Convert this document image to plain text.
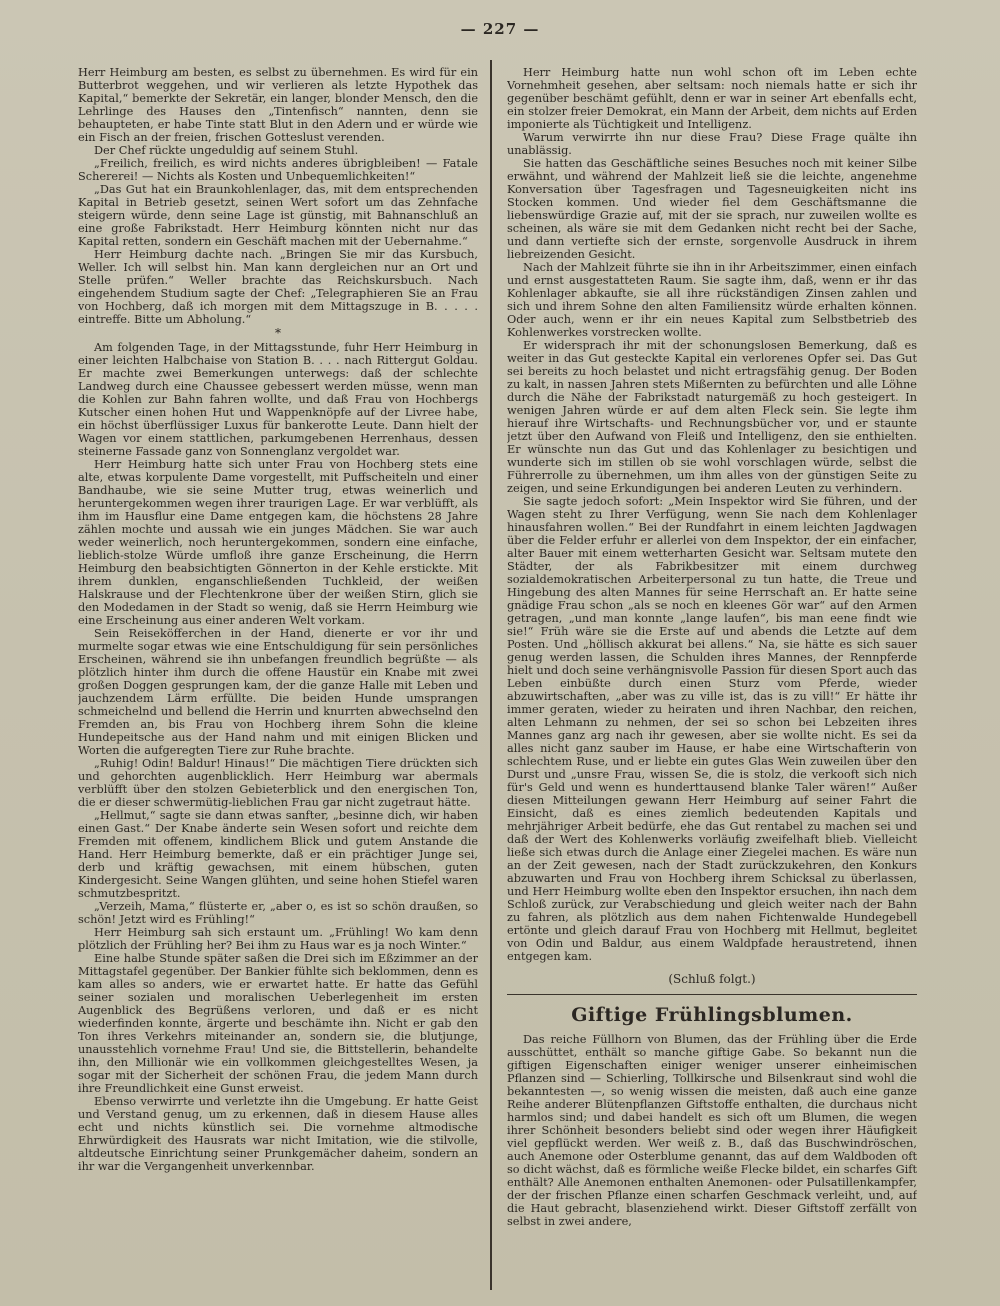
— 227 —

Herr Heimburg am besten, es selbst zu übernehmen. Es wird für ein Butterbrot weggehen, und wir verlieren als letzte Hypothek das Kapital,“ bemerkte der Sekretär, ein langer, blonder Mensch, den die Lehrlinge des Hauses den „Tintenfisch“ nannten, denn sie behaupteten, er habe Tinte statt Blut in den Adern und er würde wie ein Fisch an der freien, frischen Gotteslust verenden.

Der Chef rückte ungeduldig auf seinem Stuhl.

„Freilich, freilich, es wird nichts anderes übrigbleiben! — Fatale Schererei! — Nichts als Kosten und Unbequemlichkeiten!“

„Das Gut hat ein Braunkohlenlager, das, mit dem entsprechenden Kapital in Betrieb gesetzt, seinen Wert sofort um das Zehnfache steigern würde, denn seine Lage ist günstig, mit Bahnanschluß an eine große Fabrikstadt. Herr Heimburg könnten nicht nur das Kapital retten, sondern ein Geschäft machen mit der Uebernahme.“

Herr Heimburg dachte nach. „Bringen Sie mir das Kursbuch, Weller. Ich will selbst hin. Man kann dergleichen nur an Ort und Stelle prüfen.“ Weller brachte das Reichskursbuch. Nach eingehendem Studium sagte der Chef: „Telegraphieren Sie an Frau von Hochberg, daß ich morgen mit dem Mittagszuge in B. . . . . eintreffe. Bitte um Abholung.“

*

Am folgenden Tage, in der Mittagsstunde, fuhr Herr Heimburg in einer leichten Halbchaise von Station B. . . . nach Rittergut Goldau. Er machte zwei Bemerkungen unterwegs: daß der schlechte Landweg durch eine Chaussee gebessert werden müsse, wenn man die Kohlen zur Bahn fahren wollte, und daß Frau von Hochbergs Kutscher einen hohen Hut und Wappenknöpfe auf der Livree habe, ein höchst überflüssiger Luxus für bankerotte Leute. Dann hielt der Wagen vor einem stattlichen, parkumgebenen Herrenhaus, dessen steinerne Fassade ganz von Sonnenglanz vergoldet war.

Herr Heimburg hatte sich unter Frau von Hochberg stets eine alte, etwas korpulente Dame vorgestellt, mit Puffscheiteln und einer Bandhaube, wie sie seine Mutter trug, etwas weinerlich und heruntergekommen wegen ihrer traurigen Lage. Er war verblüfft, als ihm im Hausflur eine Dame entgegen kam, die höchstens 28 Jahre zählen mochte und aussah wie ein junges Mädchen. Sie war auch weder weinerlich, noch heruntergekommen, sondern eine einfache, lieblich-stolze Würde umfloß ihre ganze Erscheinung, die Herrn Heimburg den beabsichtigten Gönnerton in der Kehle erstickte. Mit ihrem dunklen, enganschließenden Tuchkleid, der weißen Halskrause und der Flechtenkrone über der weißen Stirn, glich sie den Modedamen in der Stadt so wenig, daß sie Herrn Heimburg wie eine Erscheinung aus einer anderen Welt vorkam.

Sein Reiseköfferchen in der Hand, dienerte er vor ihr und murmelte sogar etwas wie eine Entschuldigung für sein persönliches Erscheinen, während sie ihn unbefangen freundlich begrüßte — als plötzlich hinter ihm durch die offene Haustür ein Knabe mit zwei großen Doggen gesprungen kam, der die ganze Halle mit Leben und jauchzendem Lärm erfüllte. Die beiden Hunde umsprangen schmeichelnd und bellend die Herrin und knurrten abwechselnd den Fremden an, bis Frau von Hochberg ihrem Sohn die kleine Hundepeitsche aus der Hand nahm und mit einigen Blicken und Worten die aufgeregten Tiere zur Ruhe brachte.

„Ruhig! Odin! Baldur! Hinaus!“ Die mächtigen Tiere drückten sich und gehorchten augenblicklich. Herr Heimburg war abermals verblüfft über den stolzen Gebieterblick und den energischen Ton, die er dieser schwermütig-lieblichen Frau gar nicht zugetraut hätte.

„Hellmut,“ sagte sie dann etwas sanfter, „besinne dich, wir haben einen Gast.“ Der Knabe änderte sein Wesen sofort und reichte dem Fremden mit offenem, kindlichem Blick und gutem Anstande die Hand. Herr Heimburg bemerkte, daß er ein prächtiger Junge sei, derb und kräftig gewachsen, mit einem hübschen, guten Kindergesicht. Seine Wangen glühten, und seine hohen Stiefel waren schmutzbespritzt.

„Verzeih, Mama,“ flüsterte er, „aber o, es ist so schön draußen, so schön! Jetzt wird es Frühling!“

Herr Heimburg sah sich erstaunt um. „Frühling! Wo kam denn plötzlich der Frühling her? Bei ihm zu Haus war es ja noch Winter.“

Eine halbe Stunde später saßen die Drei sich im Eßzimmer an der Mittagstafel gegenüber. Der Bankier fühlte sich beklommen, denn es kam alles so anders, wie er erwartet hatte. Er hatte das Gefühl seiner sozialen und moralischen Ueberlegenheit im ersten Augenblick des Begrüßens verloren, und daß er es nicht wiederfinden konnte, ärgerte und beschämte ihn. Nicht er gab den Ton ihres Verkehrs miteinander an, sondern sie, die blutjunge, unausstehlich vornehme Frau! Und sie, die Bittstellerin, behandelte ihn, den Millionär wie ein vollkommen gleichgestelltes Wesen, ja sogar mit der Sicherheit der schönen Frau, die jedem Mann durch ihre Freundlichkeit eine Gunst erweist.

Ebenso verwirrte und verletzte ihn die Umgebung. Er hatte Geist und Verstand genug, um zu erkennen, daß in diesem Hause alles echt und nichts künstlich sei. Die vornehme altmodische Ehrwürdigkeit des Hausrats war nicht Imitation, wie die stilvolle, altdeutsche Einrichtung seiner Prunkgemächer daheim, sondern an ihr war die Vergangenheit unverkennbar.

Herr Heimburg hatte nun wohl schon oft im Leben echte Vornehmheit gesehen, aber seltsam: noch niemals hatte er sich ihr gegenüber beschämt gefühlt, denn er war in seiner Art ebenfalls echt, ein stolzer freier Demokrat, ein Mann der Arbeit, dem nichts auf Erden imponierte als Tüchtigkeit und Intelligenz.

Warum verwirrte ihn nur diese Frau? Diese Frage quälte ihn unablässig.

Sie hatten das Geschäftliche seines Besuches noch mit keiner Silbe erwähnt, und während der Mahlzeit ließ sie die leichte, angenehme Konversation über Tagesfragen und Tagesneuigkeiten nicht ins Stocken kommen. Und wieder fiel dem Geschäftsmanne die liebenswürdige Grazie auf, mit der sie sprach, nur zuweilen wollte es scheinen, als wäre sie mit dem Gedanken nicht recht bei der Sache, und dann vertiefte sich der ernste, sorgenvolle Ausdruck in ihrem liebreizenden Gesicht.

Nach der Mahlzeit führte sie ihn in ihr Arbeitszimmer, einen einfach und ernst ausgestatteten Raum. Sie sagte ihm, daß, wenn er ihr das Kohlenlager abkaufte, sie all ihre rückständigen Zinsen zahlen und sich und ihrem Sohne den alten Familiensitz würde erhalten können. Oder auch, wenn er ihr ein neues Kapital zum Selbstbetrieb des Kohlenwerkes vorstrecken wollte.

Er widersprach ihr mit der schonungslosen Bemerkung, daß es weiter in das Gut gesteckte Kapital ein verlorenes Opfer sei. Das Gut sei bereits zu hoch belastet und nicht ertragsfähig genug. Der Boden zu kalt, in nassen Jahren stets Mißernten zu befürchten und alle Löhne durch die Nähe der Fabrikstadt naturgemäß zu hoch gesteigert. In wenigen Jahren würde er auf dem alten Fleck sein. Sie legte ihm hierauf ihre Wirtschafts- und Rechnungsbücher vor, und er staunte jetzt über den Aufwand von Fleiß und Intelligenz, den sie enthielten. Er wünschte nun das Gut und das Kohlenlager zu besichtigen und wunderte sich im stillen ob sie wohl vorschlagen würde, selbst die Führerrolle zu übernehmen, um ihm alles von der günstigen Seite zu zeigen, und seine Erkundigungen bei anderen Leuten zu verhindern.

Sie sagte jedoch sofort: „Mein Inspektor wird Sie führen, und der Wagen steht zu Ihrer Verfügung, wenn Sie nach dem Kohlenlager hinausfahren wollen.“ Bei der Rundfahrt in einem leichten Jagdwagen über die Felder erfuhr er allerlei von dem Inspektor, der ein einfacher, alter Bauer mit einem wetterharten Gesicht war. Seltsam mutete den Städter, der als Fabrikbesitzer mit einem durchweg sozialdemokratischen Arbeiterpersonal zu tun hatte, die Treue und Hingebung des alten Mannes für seine Herrschaft an. Er hatte seine gnädige Frau schon „als se noch en kleenes Gör war“ auf den Armen getragen, „und man konnte „lange laufen“, bis man eene findt wie sie!“ Früh wäre sie die Erste auf und abends die Letzte auf dem Posten. Und „höllisch akkurat bei allens.“ Na, sie hätte es sich sauer genug werden lassen, die Schulden ihres Mannes, der Rennpferde hielt und doch seine verhängnisvolle Passion für diesen Sport auch das Leben einbüßte durch einen Sturz vom Pferde, wieder abzuwirtschaften, „aber was zu ville ist, das is zu vill!“ Er hätte ihr immer geraten, wieder zu heiraten und ihren Nachbar, den reichen, alten Lehmann zu nehmen, der sei so schon bei Lebzeiten ihres Mannes ganz arg nach ihr gewesen, aber sie wollte nicht. Es sei da alles nicht ganz sauber im Hause, er habe eine Wirtschafterin von schlechtem Ruse, und er liebte ein gutes Glas Wein zuweilen über den Durst und „unsre Frau, wissen Se, die is stolz, die verkooft sich nich für's Geld und wenn es hunderttausend blanke Taler wären!“ Außer diesen Mitteilungen gewann Herr Heimburg auf seiner Fahrt die Einsicht, daß es eines ziemlich bedeutenden Kapitals und mehrjähriger Arbeit bedürfe, ehe das Gut rentabel zu machen sei und daß der Wert des Kohlenwerks vorläufig zweifelhaft blieb. Vielleicht ließe sich etwas durch die Anlage einer Ziegelei machen. Es wäre nun an der Zeit gewesen, nach der Stadt zurückzukehren, den Konkurs abzuwarten und Frau von Hochberg ihrem Schicksal zu überlassen, und Herr Heimburg wollte eben den Inspektor ersuchen, ihn nach dem Schloß zurück, zur Verabschiedung und gleich weiter nach der Bahn zu fahren, als plötzlich aus dem nahen Fichtenwalde Hundegebell ertönte und gleich darauf Frau von Hochberg mit Hellmut, begleitet von Odin und Baldur, aus einem Waldpfade heraustretend, ihnen entgegen kam.

(Schluß folgt.)
Giftige Frühlingsblumen.

Das reiche Füllhorn von Blumen, das der Frühling über die Erde ausschüttet, enthält so manche giftige Gabe. So bekannt nun die giftigen Eigenschaften einiger weniger unserer einheimischen Pflanzen sind — Schierling, Tollkirsche und Bilsenkraut sind wohl die bekanntesten —, so wenig wissen die meisten, daß auch eine ganze Reihe anderer Blütenpflanzen Giftstoffe enthalten, die durchaus nicht harmlos sind; und dabei handelt es sich oft um Blumen, die wegen ihrer Schönheit besonders beliebt sind oder wegen ihrer Häufigkeit viel gepflückt werden. Wer weiß z. B., daß das Buschwindröschen, auch Anemone oder Osterblume genannt, das auf dem Waldboden oft so dicht wächst, daß es förmliche weiße Flecke bildet, ein scharfes Gift enthält? Alle Anemonen enthalten Anemonen- oder Pulsatillenkampfer, der der frischen Pflanze einen scharfen Geschmack verleiht, und, auf die Haut gebracht, blasenziehend wirkt. Dieser Giftstoff zerfällt von selbst in zwei andere,
